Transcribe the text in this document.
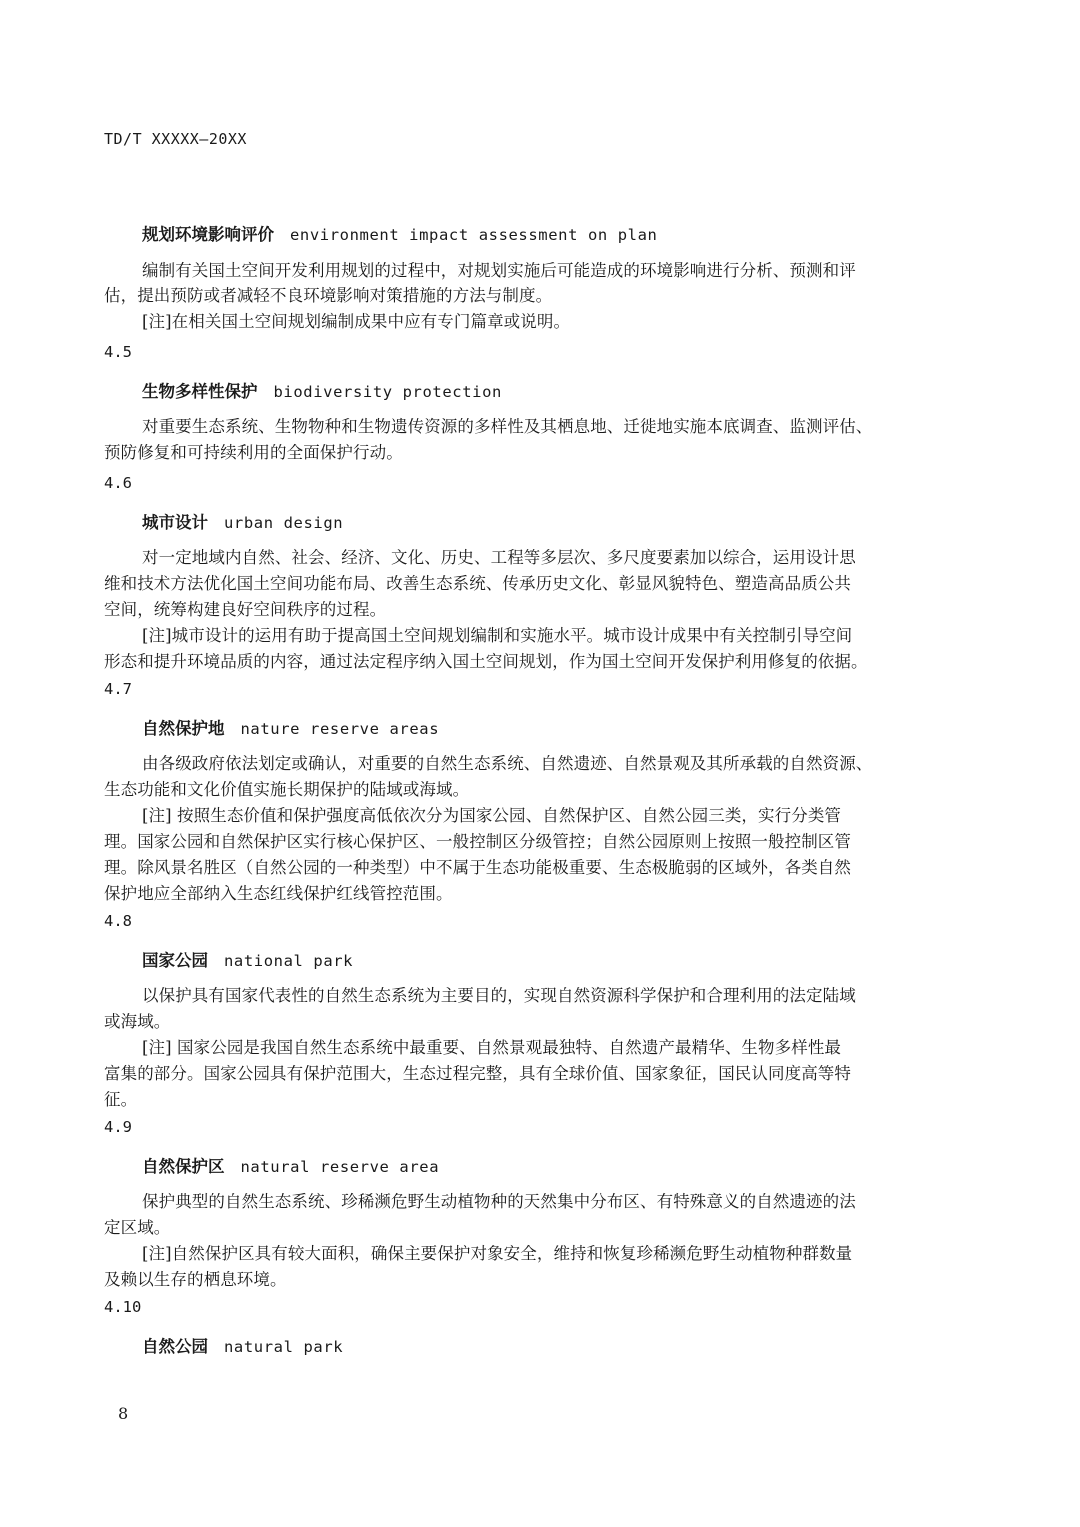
TD/T XXXXX—20XX
规划环境影响评价 environment impact assessment on plan
编制有关国土空间开发利用规划的过程中，对规划实施后可能造成的环境影响进行分析、预测和评
估，提出预防或者减轻不良环境影响对策措施的方法与制度。
[注]在相关国土空间规划编制成果中应有专门篇章或说明。
4.5
生物多样性保护 biodiversity protection
对重要生态系统、生物物种和生物遗传资源的多样性及其栖息地、迁徙地实施本底调查、监测评估、
预防修复和可持续利用的全面保护行动。
4.6
城市设计 urban design
对一定地域内自然、社会、经济、文化、历史、工程等多层次、多尺度要素加以综合，运用设计思
维和技术方法优化国土空间功能布局、改善生态系统、传承历史文化、彰显风貌特色、塑造高品质公共
空间，统筹构建良好空间秩序的过程。
[注]城市设计的运用有助于提高国土空间规划编制和实施水平。城市设计成果中有关控制引导空间
形态和提升环境品质的内容，通过法定程序纳入国土空间规划，作为国土空间开发保护利用修复的依据。
4.7
自然保护地 nature reserve areas
由各级政府依法划定或确认，对重要的自然生态系统、自然遗迹、自然景观及其所承载的自然资源、
生态功能和文化价值实施长期保护的陆域或海域。
[注] 按照生态价值和保护强度高低依次分为国家公园、自然保护区、自然公园三类，实行分类管
理。国家公园和自然保护区实行核心保护区、一般控制区分级管控；自然公园原则上按照一般控制区管
理。除风景名胜区（自然公园的一种类型）中不属于生态功能极重要、生态极脆弱的区域外，各类自然
保护地应全部纳入生态红线保护红线管控范围。
4.8
国家公园 national park
以保护具有国家代表性的自然生态系统为主要目的，实现自然资源科学保护和合理利用的法定陆域
或海域。
[注] 国家公园是我国自然生态系统中最重要、自然景观最独特、自然遗产最精华、生物多样性最
富集的部分。国家公园具有保护范围大，生态过程完整，具有全球价值、国家象征，国民认同度高等特
征。
4.9
自然保护区 natural reserve area
保护典型的自然生态系统、珍稀濒危野生动植物种的天然集中分布区、有特殊意义的自然遗迹的法
定区域。
[注]自然保护区具有较大面积，确保主要保护对象安全，维持和恢复珍稀濒危野生动植物种群数量
及赖以生存的栖息环境。
4.10
自然公园 natural park
8
